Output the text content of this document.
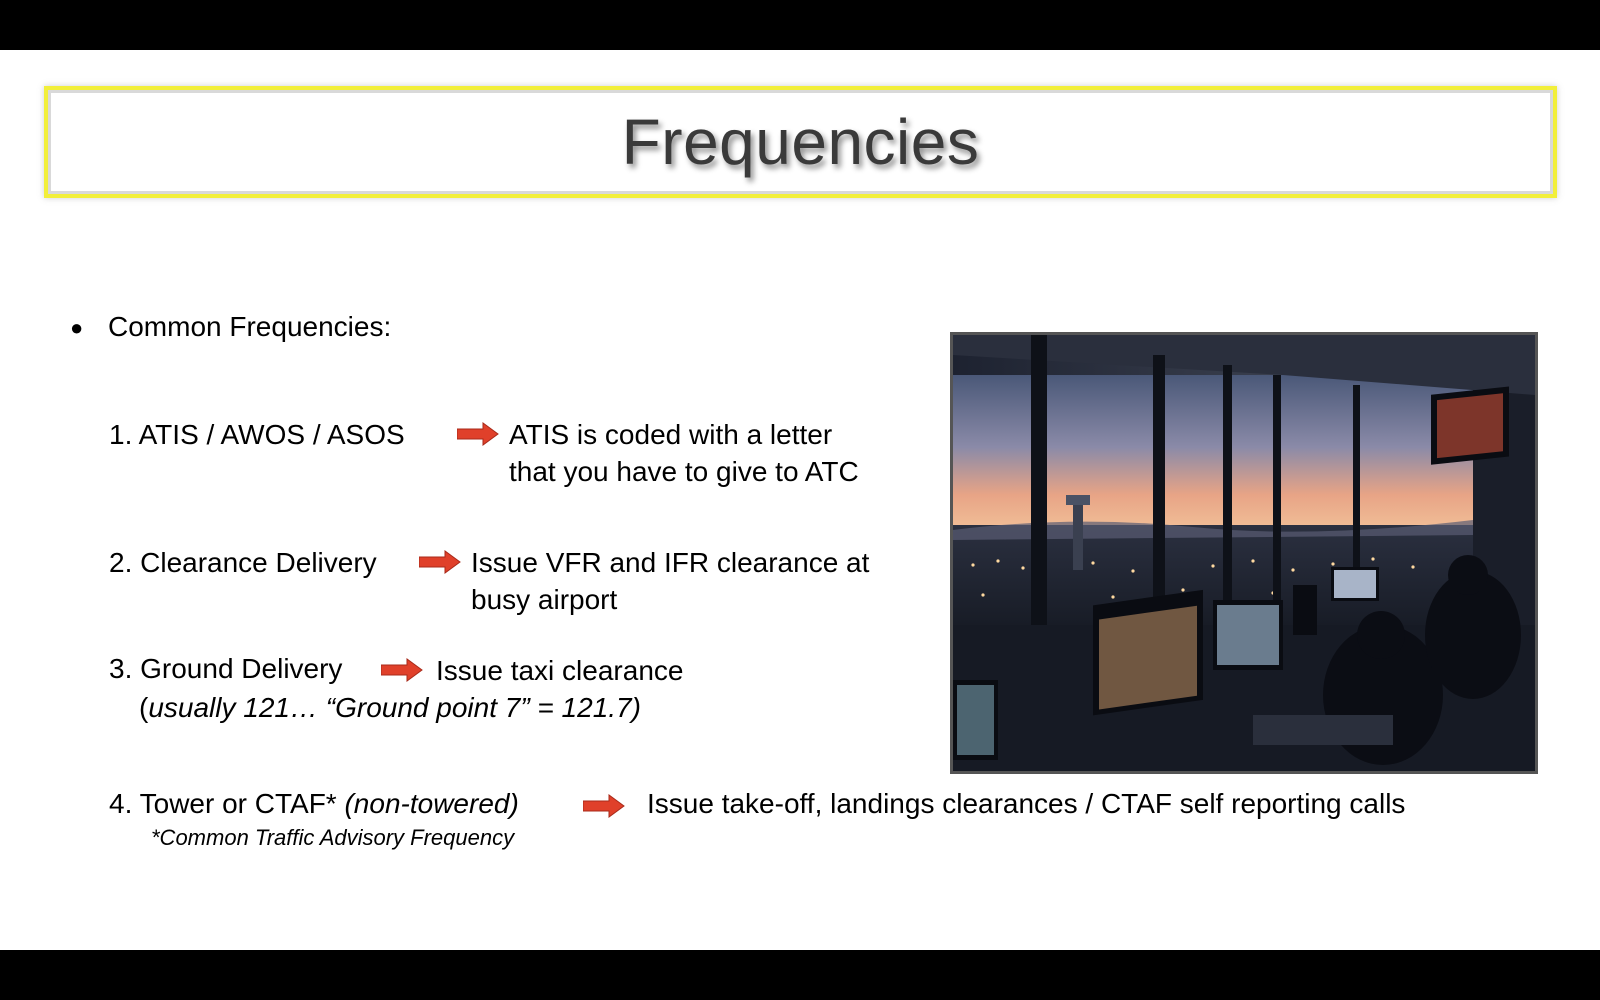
Frequencies
● Common Frequencies:
1. ATIS / AWOS / ASOS	ATIS is coded with a letter
that you have to give to ATC
2. Clearance Delivery	Issue VFR and IFR clearance at
busy airport
3. Ground Delivery	Issue taxi clearance
(usually 121… “Ground point 7” = 121.7)
4. Tower or CTAF* (non-towered)	Issue take-off, landings clearances / CTAF self reporting calls
*Common Traffic Advisory Frequency
